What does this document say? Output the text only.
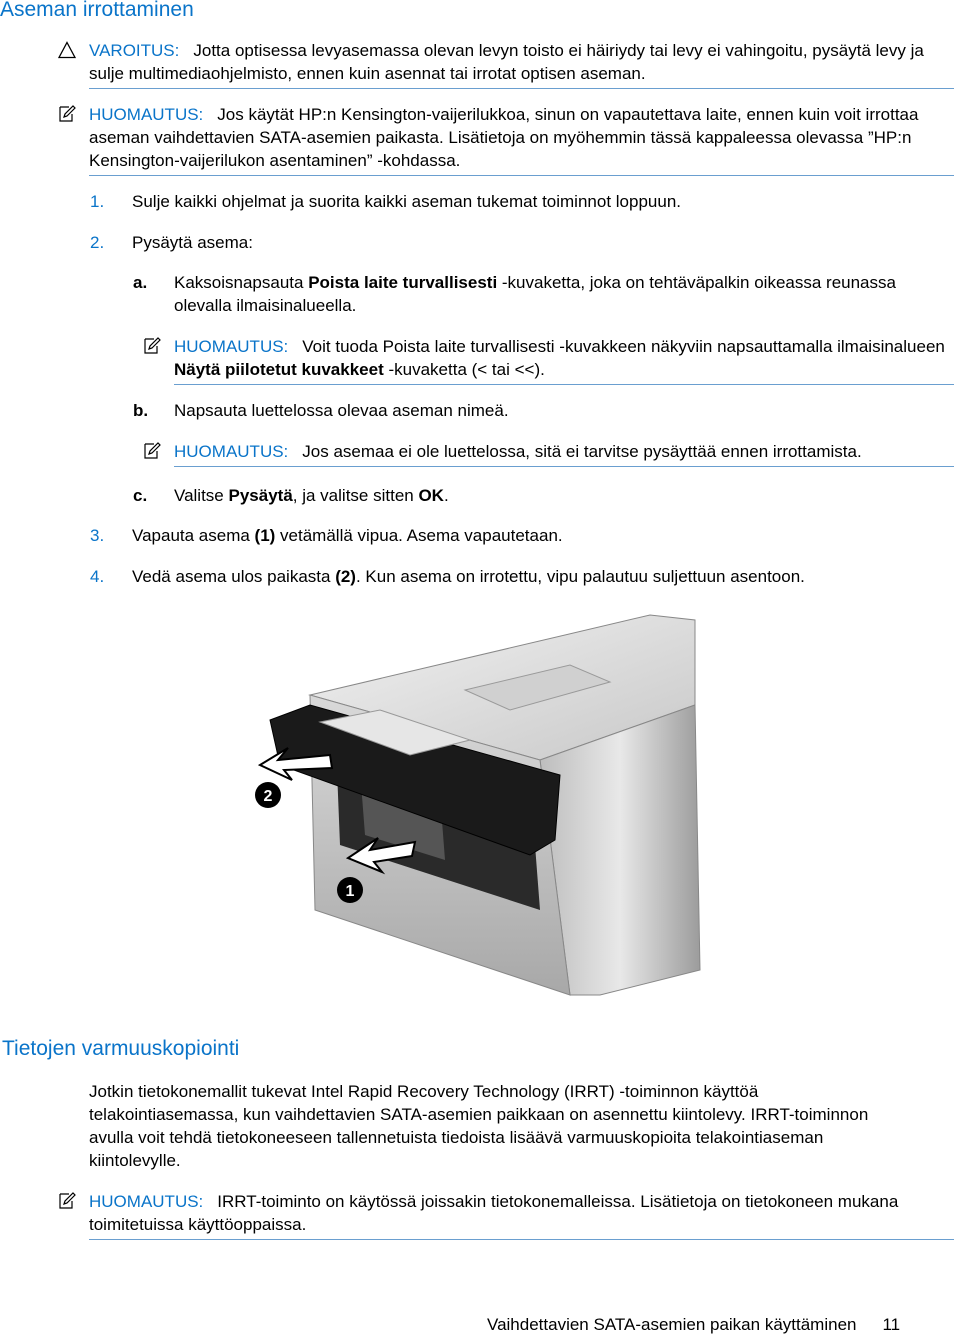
Aseman irrottaminen
VAROITUS: Jotta optisessa levyasemassa olevan levyn toisto ei häiriydy tai levy ei vahingoitu, pysäytä levy ja sulje multimediaohjelmisto, ennen kuin asennat tai irrotat optisen aseman.
HUOMAUTUS: Jos käytät HP:n Kensington-vaijerilukkoa, sinun on vapautettava laite, ennen kuin voit irrottaa aseman vaihdettavien SATA-asemien paikasta. Lisätietoja on myöhemmin tässä kappaleessa olevassa ”HP:n Kensington-vaijerilukon asentaminen” -kohdassa.
1. Sulje kaikki ohjelmat ja suorita kaikki aseman tukemat toiminnot loppuun.
2. Pysäytä asema:
a. Kaksoisnapsauta Poista laite turvallisesti -kuvaketta, joka on tehtäväpalkin oikeassa reunassa olevalla ilmaisinalueella.
HUOMAUTUS: Voit tuoda Poista laite turvallisesti -kuvakkeen näkyviin napsauttamalla ilmaisinalueen Näytä piilotetut kuvakkeet -kuvaketta (< tai <<).
b. Napsauta luettelossa olevaa aseman nimeä.
HUOMAUTUS: Jos asemaa ei ole luettelossa, sitä ei tarvitse pysäyttää ennen irrottamista.
c. Valitse Pysäytä, ja valitse sitten OK.
3. Vapauta asema (1) vetämällä vipua. Asema vapautetaan.
4. Vedä asema ulos paikasta (2). Kun asema on irrotettu, vipu palautuu suljettuun asentoon.
2
1
Tietojen varmuuskopiointi
Jotkin tietokonemallit tukevat Intel Rapid Recovery Technology (IRRT) -toiminnon käyttöä telakointiasemassa, kun vaihdettavien SATA-asemien paikkaan on asennettu kiintolevy. IRRT-toiminnon avulla voit tehdä tietokoneeseen tallennetuista tiedoista lisäävä varmuuskopioita telakointiaseman kiintolevylle.
HUOMAUTUS: IRRT-toiminto on käytössä joissakin tietokonemalleissa. Lisätietoja on tietokoneen mukana toimitetuissa käyttöoppaissa.
Vaihdettavien SATA-asemien paikan käyttäminen 11
